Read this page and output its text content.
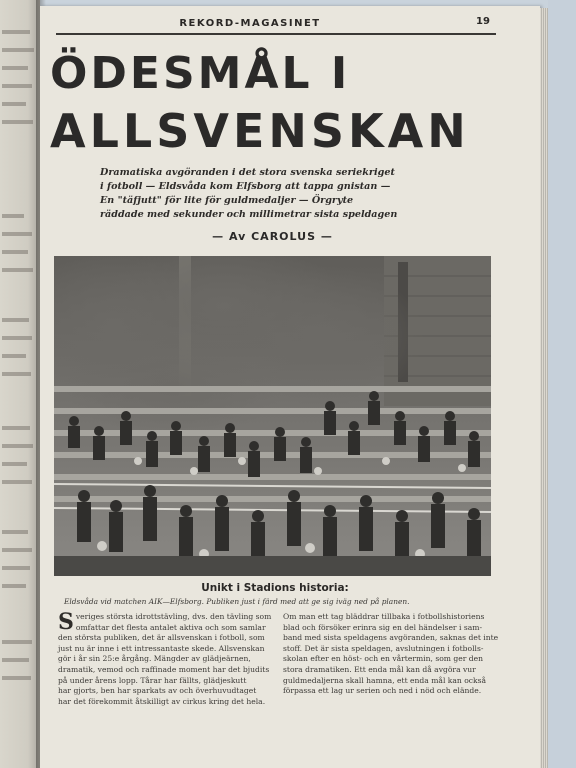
REKORD-MAGASINET	19
ÖDESMÅL I
ALLSVENSKAN
Dramatiska avgöranden i det stora svenska seriekriget
i fotboll — Eldsvåda kom Elfsborg att tappa gnistan —
En "täfjutt" för lite för guldmedaljer — Örgryte
räddade med sekunder och millimetrar sista speldagen
— Av CAROLUS —
Unikt i Stadions historia:
Eldsvåda vid matchen AIK—Elfsborg. Publiken just i färd med att ge sig iväg ned på planen.
S veriges största idrottstävling, dvs. den tävling som
omfattar det flesta antalet aktiva och som samlar
den största publiken, det är allsvenskan i fotboll, som
just nu är inne i ett intressantaste skede. Allsvenskan
gör i år sin 25:e årgång. Mängder av glädjeärnen,
dramatik, vemod och raffinade moment har det bjudits
på under årens lopp. Tårar har fällts, glädjeskutt
har gjorts, ben har sparkats av och överhuvudtaget
har det förekommit åtskilligt av cirkus kring det hela.
Om man ett tag bläddrar tillbaka i fotbollshistoriens
blad och försöker erinra sig en del händelser i sam-
band med sista speldagens avgöranden, saknas det inte
stoff. Det är sista speldagen, avslutningen i fotbolls-
skolan efter en höst- och en vårtermin, som ger den
stora dramatiken. Ett enda mål kan då avgöra vur
guldmedaljerna skall hamna, ett enda mål kan också
förpassa ett lag ur serien och ned i nöd och elände.
